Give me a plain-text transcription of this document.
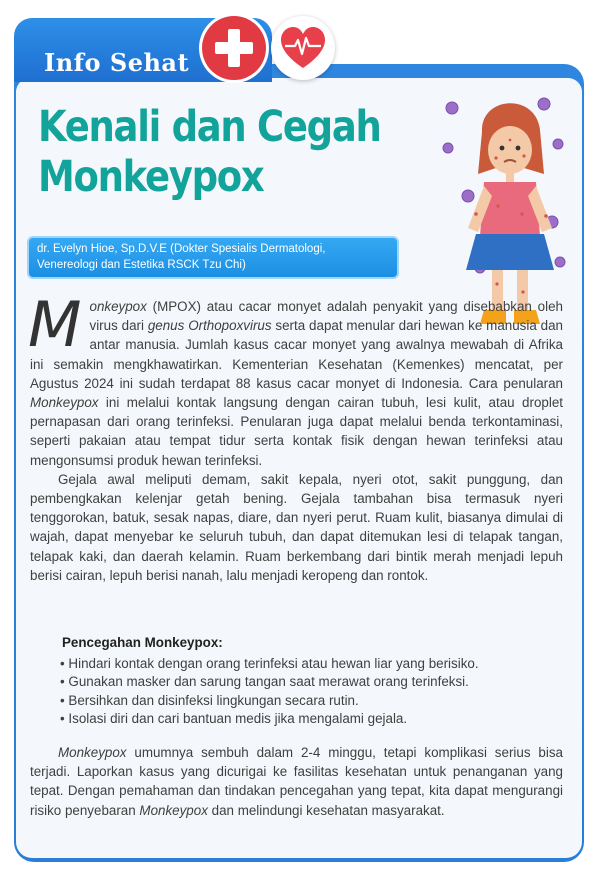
Info Sehat
Kenali dan Cegah
Monkeypox
dr. Evelyn Hioe, Sp.D.V.E (Dokter Spesialis Dermatologi, Venereologi dan Estetika RSCK Tzu Chi)

Monkeypox (MPOX) atau cacar monyet adalah penyakit yang disebabkan oleh virus dari genus Orthopoxvirus serta dapat menular dari hewan ke manusia dan antar manusia. Jumlah kasus cacar monyet yang awalnya mewabah di Afrika ini semakin mengkhawatirkan. Kementerian Kesehatan (Kemenkes) mencatat, per Agustus 2024 ini sudah terdapat 88 kasus cacar monyet di Indonesia. Cara penularan Monkeypox ini melalui kontak langsung dengan cairan tubuh, lesi kulit, atau droplet pernapasan dari orang terinfeksi. Penularan juga dapat melalui benda terkontaminasi, seperti pakaian atau tempat tidur serta kontak fisik dengan hewan terinfeksi atau mengonsumsi produk hewan terinfeksi.

Gejala awal meliputi demam, sakit kepala, nyeri otot, sakit punggung, dan pembengkakan kelenjar getah bening. Gejala tambahan bisa termasuk nyeri tenggorokan, batuk, sesak napas, diare, dan nyeri perut. Ruam kulit, biasanya dimulai di wajah, dapat menyebar ke seluruh tubuh, dan dapat ditemukan lesi di telapak tangan, telapak kaki, dan daerah kelamin. Ruam berkembang dari bintik merah menjadi lepuh berisi cairan, lepuh berisi nanah, lalu menjadi keropeng dan rontok.

Pencegahan Monkeypox:
• Hindari kontak dengan orang terinfeksi atau hewan liar yang berisiko.
• Gunakan masker dan sarung tangan saat merawat orang terinfeksi.
• Bersihkan dan disinfeksi lingkungan secara rutin.
• Isolasi diri dan cari bantuan medis jika mengalami gejala.

Monkeypox umumnya sembuh dalam 2-4 minggu, tetapi komplikasi serius bisa terjadi. Laporkan kasus yang dicurigai ke fasilitas kesehatan untuk penanganan yang tepat. Dengan pemahaman dan tindakan pencegahan yang tepat, kita dapat mengurangi risiko penyebaran Monkeypox dan melindungi kesehatan masyarakat.
